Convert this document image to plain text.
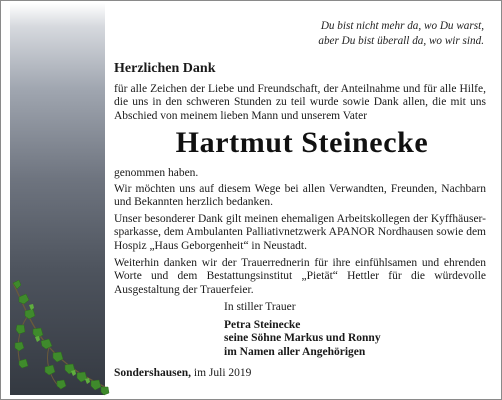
Du bist nicht mehr da, wo Du warst,
aber Du bist überall da, wo wir sind.
Herzlichen Dank

für alle Zeichen der Liebe und Freundschaft, der Anteilnahme und für alle Hilfe, die uns in den schweren Stunden zu teil wurde sowie Dank allen, die mit uns Abschied von meinem lieben Mann und unserem Vater

Hartmut Steinecke

genommen haben.

Wir möchten uns auf diesem Wege bei allen Verwandten, Freunden, Nachbarn und Bekannten herzlich bedanken.

Unser besonderer Dank gilt meinen ehemaligen Arbeitskollegen der Kyffhäuser-sparkasse, dem Ambulanten Palliativnetzwerk APANOR Nordhausen sowie dem Hospiz „Haus Geborgenheit“ in Neustadt.

Weiterhin danken wir der Trauerrednerin für ihre einfühlsamen und ehrenden Worte und dem Bestattungsinstitut „Pietät“ Hettler für die würdevolle Ausgestaltung der Trauerfeier.

In stiller Trauer
Petra Steinecke
seine Söhne Markus und Ronny
im Namen aller Angehörigen
Sondershausen, im Juli 2019
